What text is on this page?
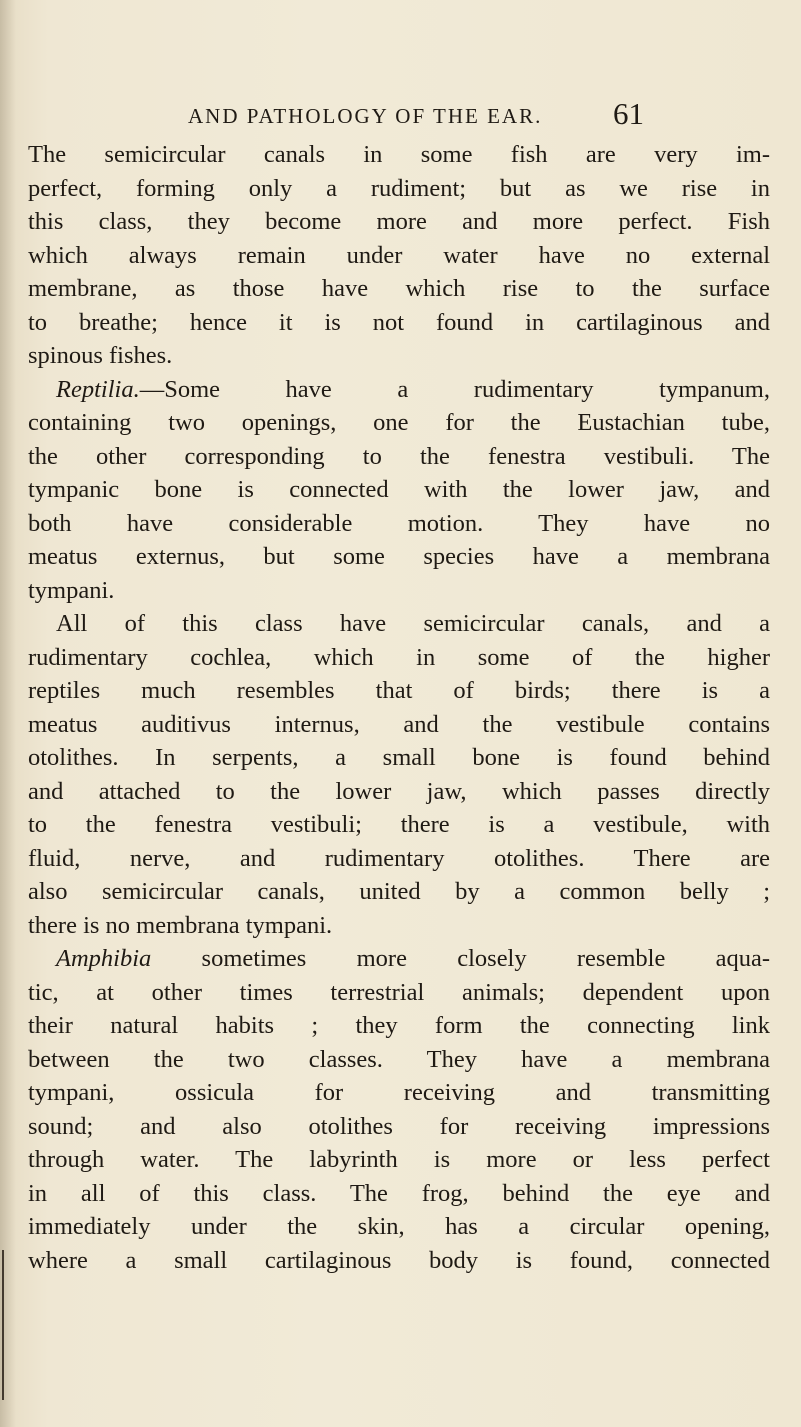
AND PATHOLOGY OF THE EAR. 61
The semicircular canals in some fish are very im-
perfect, forming only a rudiment; but as we rise in
this class, they become more and more perfect. Fish
which always remain under water have no external
membrane, as those have which rise to the surface
to breathe; hence it is not found in cartilaginous and
spinous fishes.
Reptilia.—Some have a rudimentary tympanum,
containing two openings, one for the Eustachian tube,
the other corresponding to the fenestra vestibuli. The
tympanic bone is connected with the lower jaw, and
both have considerable motion. They have no
meatus externus, but some species have a membrana
tympani.
All of this class have semicircular canals, and a
rudimentary cochlea, which in some of the higher
reptiles much resembles that of birds; there is a
meatus auditivus internus, and the vestibule contains
otolithes. In serpents, a small bone is found behind
and attached to the lower jaw, which passes directly
to the fenestra vestibuli; there is a vestibule, with
fluid, nerve, and rudimentary otolithes. There are
also semicircular canals, united by a common belly ;
there is no membrana tympani.
Amphibia sometimes more closely resemble aqua-
tic, at other times terrestrial animals; dependent upon
their natural habits ; they form the connecting link
between the two classes. They have a membrana
tympani, ossicula for receiving and transmitting
sound; and also otolithes for receiving impressions
through water. The labyrinth is more or less perfect
in all of this class. The frog, behind the eye and
immediately under the skin, has a circular opening,
where a small cartilaginous body is found, connected
